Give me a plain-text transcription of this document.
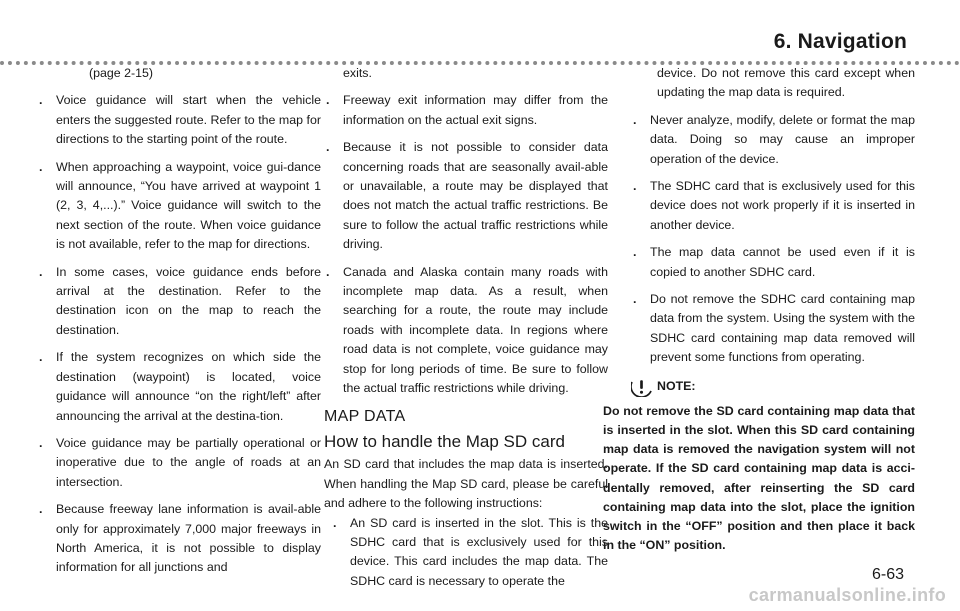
6. Navigation

(page 2-15)

. Voice guidance will start when the vehicle enters the suggested route. Refer to the map for directions to the starting point of the route.
. When approaching a waypoint, voice gui-dance will announce, “You have arrived at waypoint 1 (2, 3, 4,...).” Voice guidance will switch to the next section of the route. When voice guidance is not available, refer to the map for directions.
. In some cases, voice guidance ends before arrival at the destination. Refer to the destination icon on the map to reach the destination.
. If the system recognizes on which side the destination (waypoint) is located, voice guidance will announce “on the right/left” after announcing the arrival at the destina-tion.
. Voice guidance may be partially operational or inoperative due to the angle of roads at an intersection.
. Because freeway lane information is avail-able only for approximately 7,000 major freeways in North America, it is not possible to display information for all junctions and

exits.

. Freeway exit information may differ from the information on the actual exit signs.
. Because it is not possible to consider data concerning roads that are seasonally avail-able or unavailable, a route may be displayed that does not match the actual traffic restrictions. Be sure to follow the actual traffic restrictions while driving.
. Canada and Alaska contain many roads with incomplete map data. As a result, when searching for a route, the route may include roads with incomplete data. In regions where road data is not complete, voice guidance may stop for long periods of time. Be sure to follow the actual traffic restrictions while driving.
MAP DATA
How to handle the Map SD card

An SD card that includes the map data is inserted. When handling the Map SD card, please be careful and adhere to the following instructions:

. An SD card is inserted in the slot. This is the SDHC card that is exclusively used for this device. This card includes the map data. The SDHC card is necessary to operate the

device. Do not remove this card except when updating the map data is required.

. Never analyze, modify, delete or format the map data. Doing so may cause an improper operation of the device.
. The SDHC card that is exclusively used for this device does not work properly if it is inserted in another device.
. The map data cannot be used even if it is copied to another SDHC card.
. Do not remove the SDHC card containing map data from the system. Using the system with the SDHC card containing map data removed will prevent some functions from operating.
NOTE:
Do not remove the SD card containing map data that is inserted in the slot. When this SD card containing map data is removed the navigation system will not operate. If the SD card containing map data is acci-dentally removed, after reinserting the SD card containing map data into the slot, place the ignition switch in the “OFF” position and then place it back in the “ON” position.
6-63
carmanualsonline.info
